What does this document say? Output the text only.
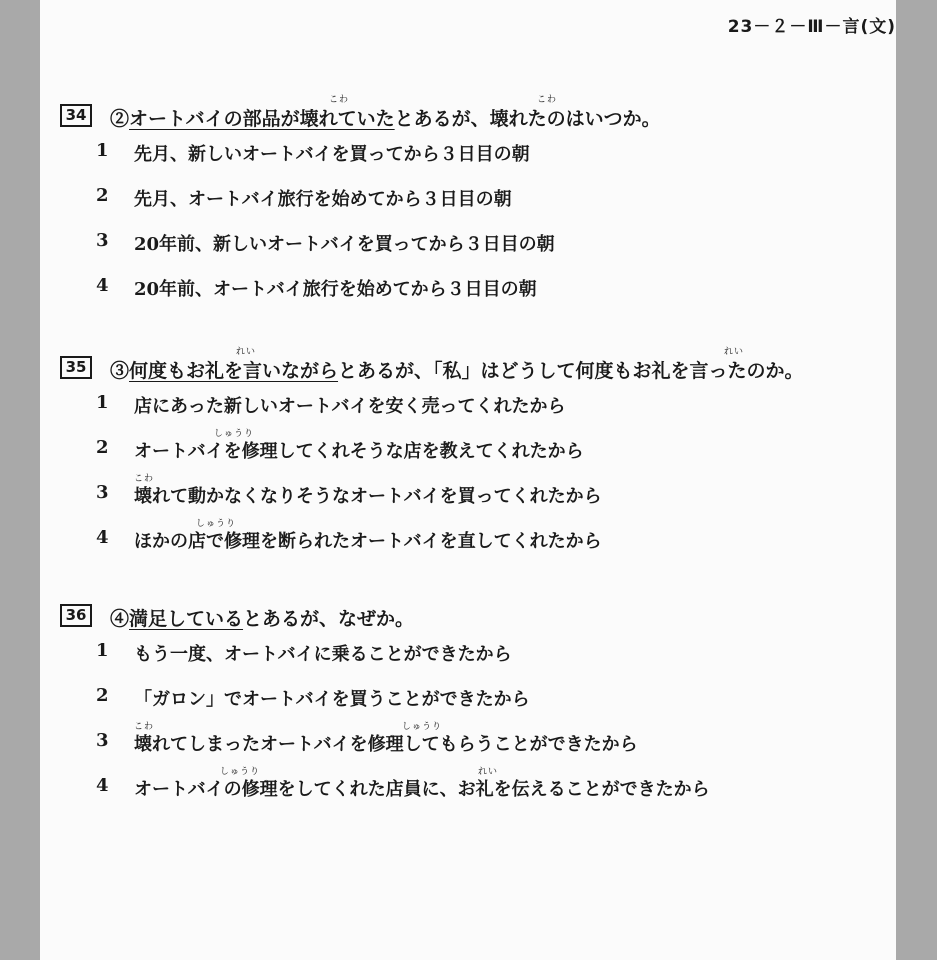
23－２－Ⅲ－言(文)
34 ②オートバイの部品が壊れていたとあるが、壊れたのはいつか。
こわ	こわ
1	先月、新しいオートバイを買ってから３日目の朝
2	先月、オートバイ旅行を始めてから３日目の朝
3	20年前、新しいオートバイを買ってから３日目の朝
4	20年前、オートバイ旅行を始めてから３日目の朝
35 ③何度もお礼を言いながらとあるが、「私」はどうして何度もお礼を言ったのか。
れい	れい
1	店にあった新しいオートバイを安く売ってくれたから
2	オートバイを修理してくれそうな店を教えてくれたから
しゅうり
3	壊れて動かなくなりそうなオートバイを買ってくれたから
こわ
4	ほかの店で修理を断られたオートバイを直してくれたから
しゅうり
36 ④満足しているとあるが、なぜか。
1	もう一度、オートバイに乗ることができたから
2	「ガロン」でオートバイを買うことができたから
3	壊れてしまったオートバイを修理してもらうことができたから
こわ	しゅうり
4	オートバイの修理をしてくれた店員に、お礼を伝えることができたから
しゅうり	れい
